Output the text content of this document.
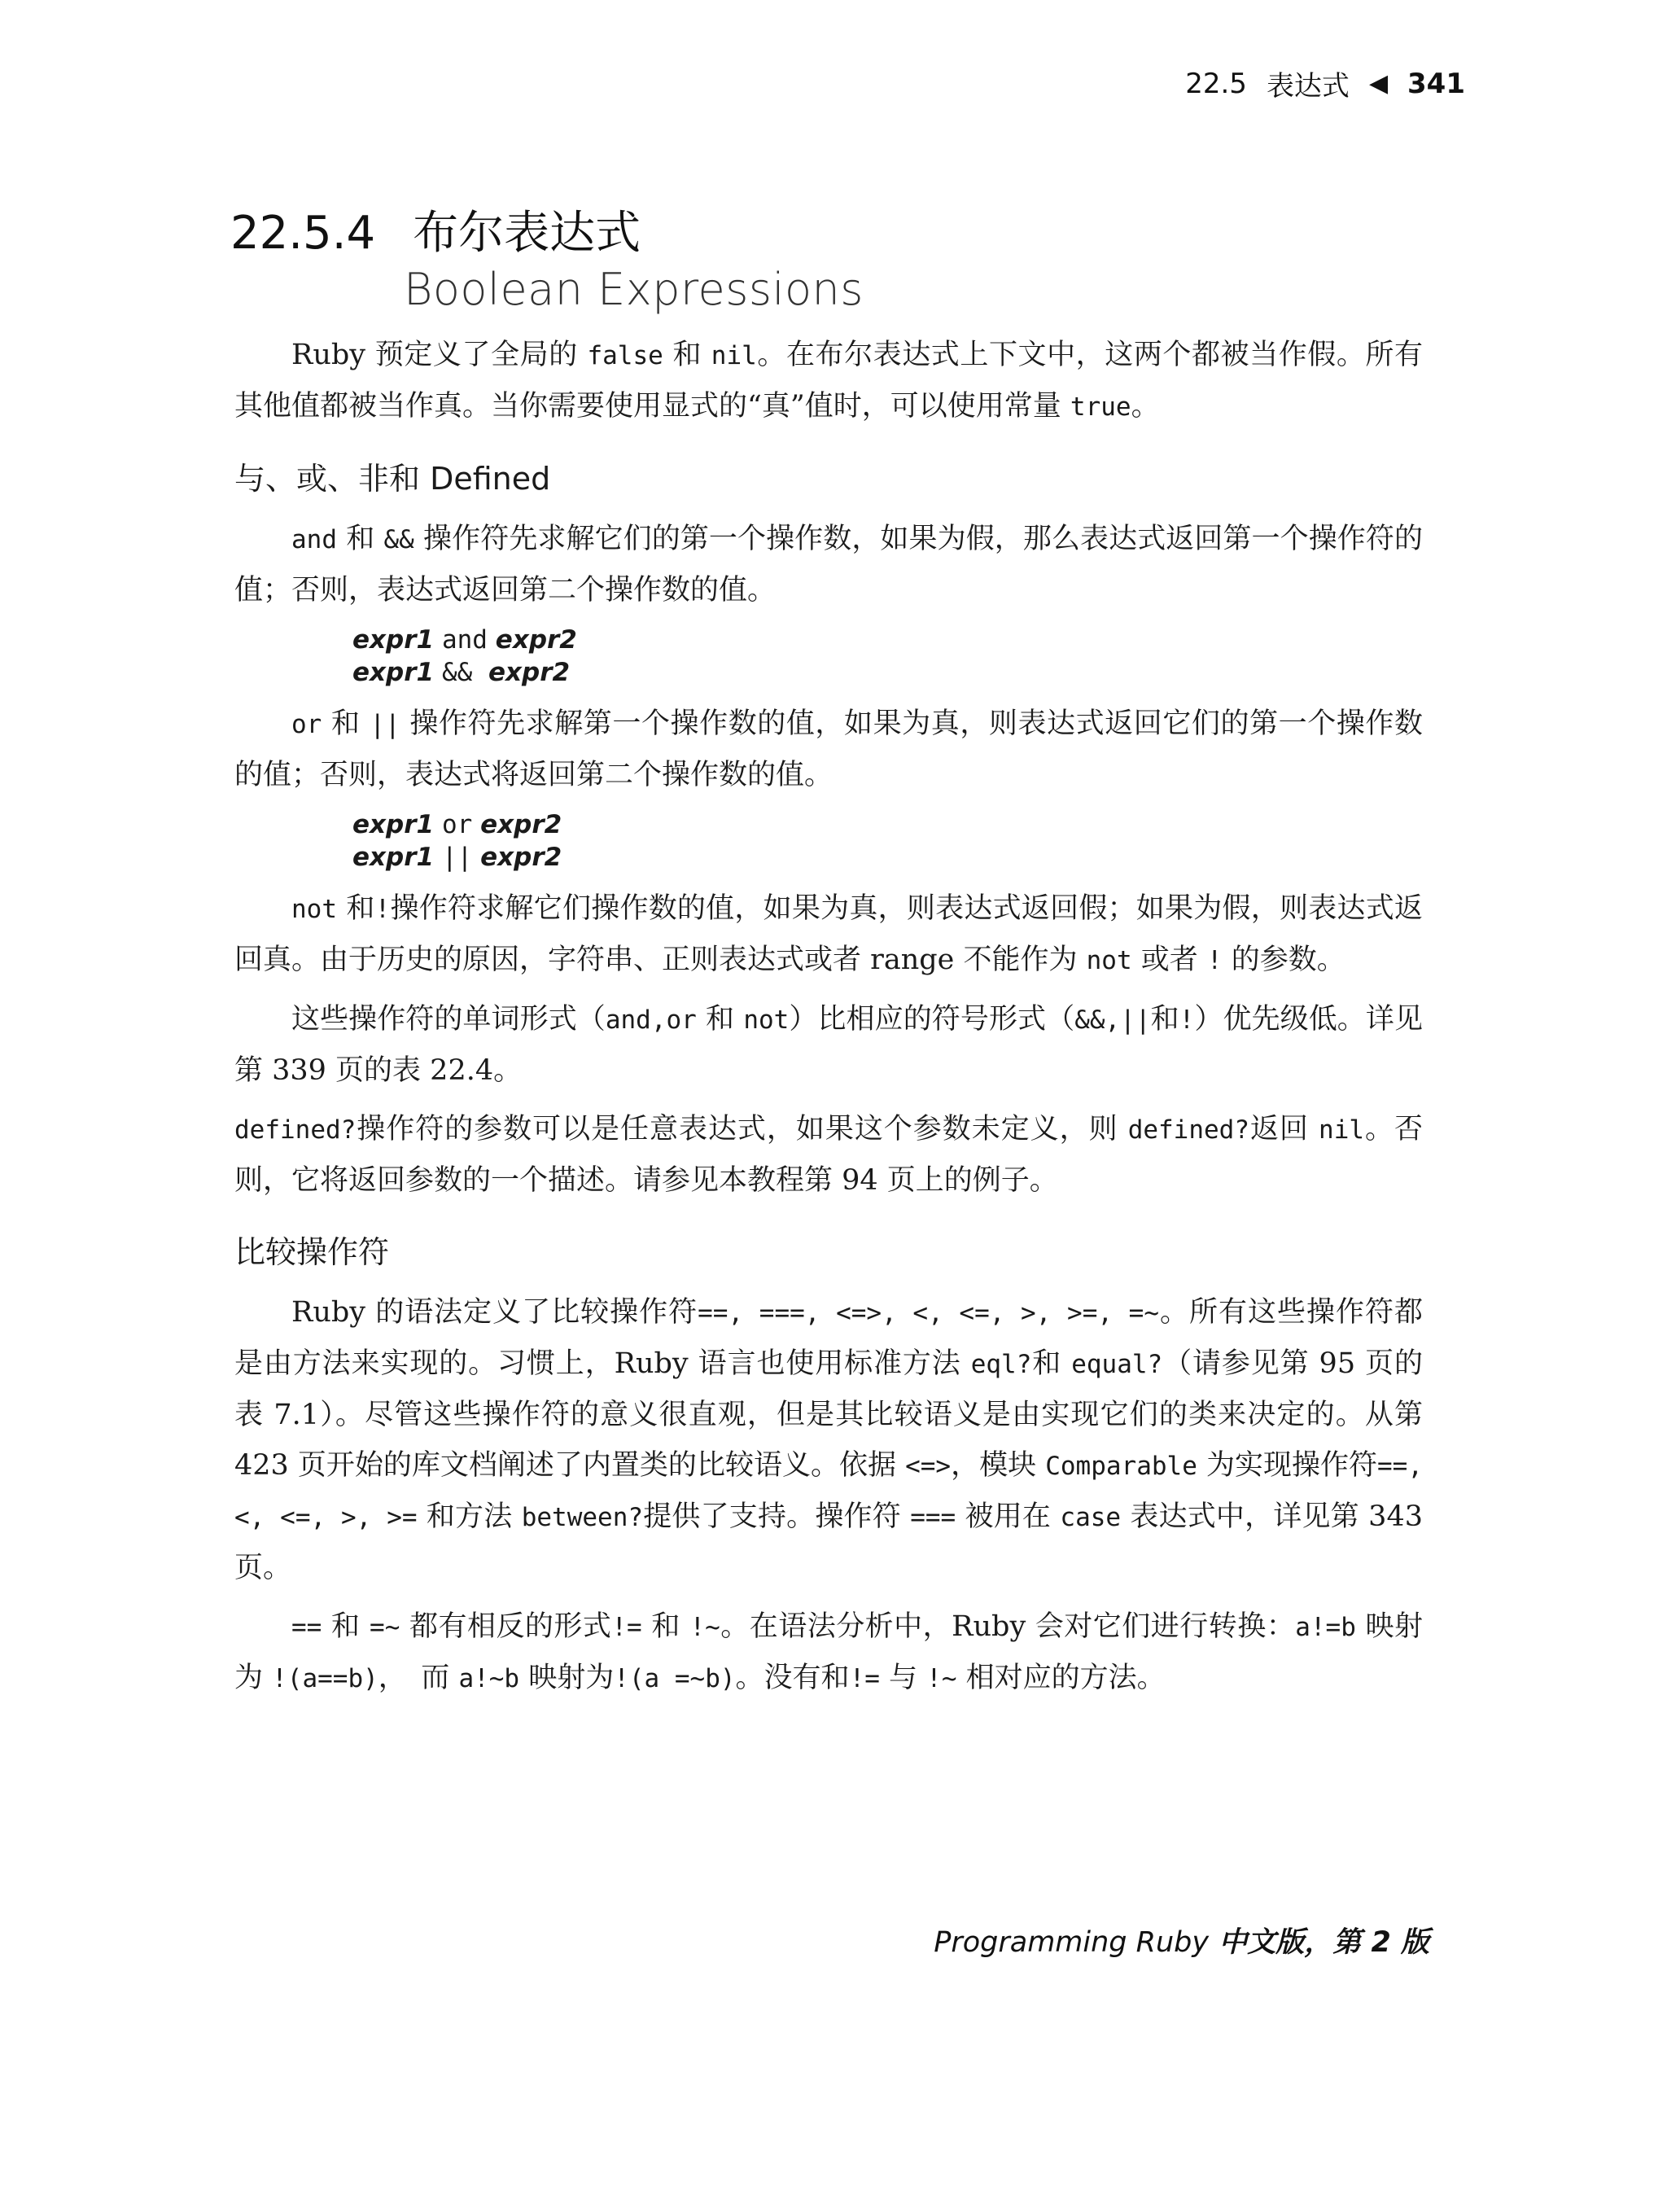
22.5 表达式 ◀ 341
22.5.4 布尔表达式
Boolean Expressions

Ruby 预定义了全局的 false 和 nil。在布尔表达式上下文中，这两个都被当作假。所有其他值都被当作真。当你需要使用显式的“真”值时，可以使用常量 true。

与、或、非和 Defined

and 和 && 操作符先求解它们的第一个操作数，如果为假，那么表达式返回第一个操作符的值；否则，表达式返回第二个操作数的值。

expr1 and expr2
expr1 && expr2

or 和 || 操作符先求解第一个操作数的值，如果为真，则表达式返回它们的第一个操作数的值；否则，表达式将返回第二个操作数的值。

expr1 or expr2
expr1 || expr2

not 和!操作符求解它们操作数的值，如果为真，则表达式返回假；如果为假，则表达式返回真。由于历史的原因，字符串、正则表达式或者 range 不能作为 not 或者 ! 的参数。

这些操作符的单词形式（and,or 和 not）比相应的符号形式（&&,||和!）优先级低。详见第 339 页的表 22.4。

defined?操作符的参数可以是任意表达式，如果这个参数未定义，则 defined?返回 nil。否则，它将返回参数的一个描述。请参见本教程第 94 页上的例子。

比较操作符

Ruby 的语法定义了比较操作符==, ===, <=>, <, <=, >, >=, =~。所有这些操作符都是由方法来实现的。习惯上，Ruby 语言也使用标准方法 eql?和 equal?（请参见第 95 页的表 7.1）。尽管这些操作符的意义很直观，但是其比较语义是由实现它们的类来决定的。从第 423 页开始的库文档阐述了内置类的比较语义。依据 <=>，模块 Comparable 为实现操作符==, <, <=, >, >= 和方法 between?提供了支持。操作符 === 被用在 case 表达式中，详见第 343 页。

== 和 =~ 都有相反的形式!= 和 !~。在语法分析中，Ruby 会对它们进行转换：a!=b 映射为 !(a==b)，　而 a!~b 映射为!(a =~b)。没有和!= 与 !~ 相对应的方法。

Programming Ruby 中文版，第 2 版
